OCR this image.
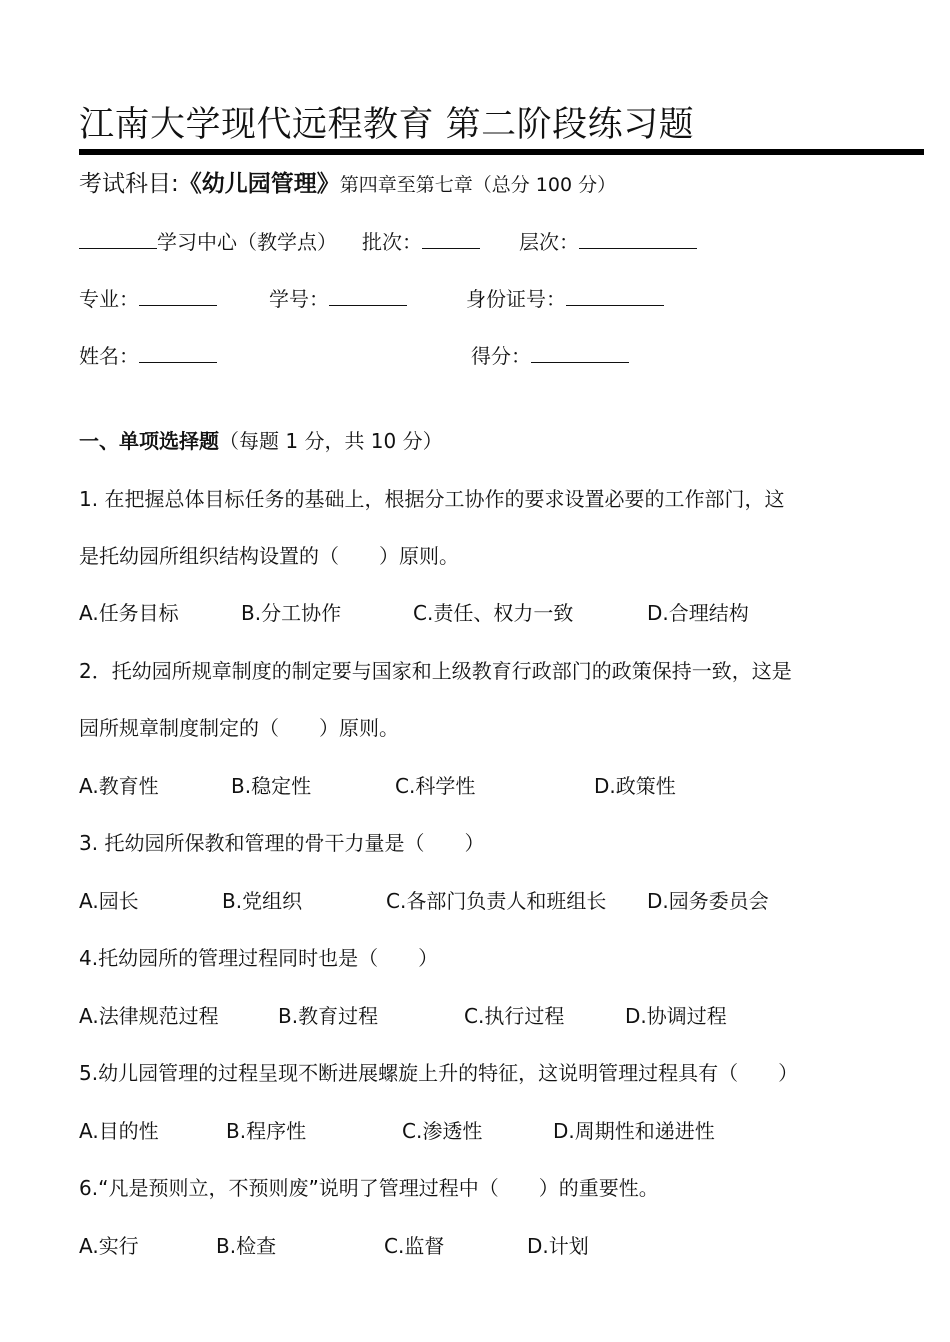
江南大学现代远程教育 第二阶段练习题
考试科目:《幼儿园管理》第四章至第七章（总分 100 分）
学习中心（教学点） 批次：	层次：
专业：	学号：	身份证号：
姓名：	得分：
一、单项选择题（每题 1 分，共 10 分）
1. 在把握总体目标任务的基础上，根据分工协作的要求设置必要的工作部门，这
是托幼园所组织结构设置的（　　）原则。
A.任务目标	B.分工协作	C.责任、权力一致	D.合理结构
2．托幼园所规章制度的制定要与国家和上级教育行政部门的政策保持一致，这是
园所规章制度制定的（　　）原则。
A.教育性	B.稳定性	C.科学性	D.政策性
3. 托幼园所保教和管理的骨干力量是（　　）
A.园长	B.党组织	C.各部门负责人和班组长 D.园务委员会
4.托幼园所的管理过程同时也是（　　）
A.法律规范过程	B.教育过程	C.执行过程	D.协调过程
5.幼儿园管理的过程呈现不断进展螺旋上升的特征，这说明管理过程具有（　　）
A.目的性	B.程序性	C.渗透性	D.周期性和递进性
6.“凡是预则立，不预则废”说明了管理过程中（　　）的重要性。
A.实行	B.检查	C.监督	D.计划
